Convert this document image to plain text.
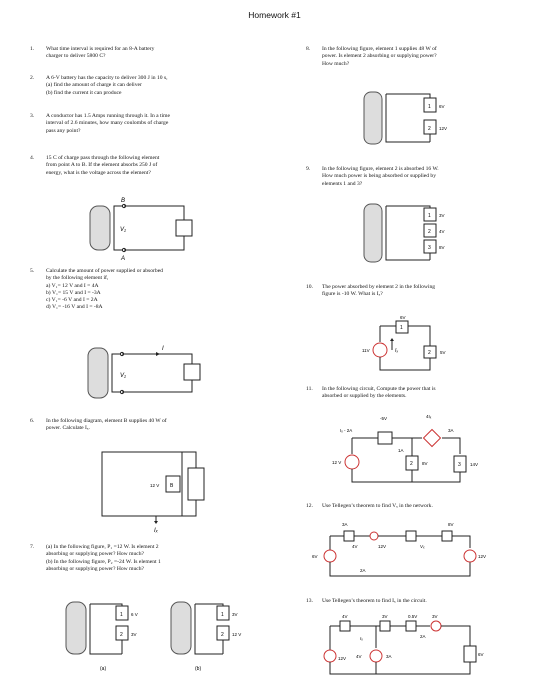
Homework #1
1.	What time interval is required for an 8-A battery
charger to deliver 5800 C?
2.	A 6-V battery has the capacity to deliver 300 J in 10 s,
(a) find the amount of charge it can deliver
(b) find the current it can produce
3.	A conductor has 1.5 Amps running through it. In a time
interval of 2.6 minutes, how many coulombs of charge
pass any point?
4.	15 C of charge pass through the following element
from point A to B. If the element absorbs 250 J of
energy, what is the voltage across the element?
5.	Calculate the amount of power supplied or absorbed
by the following element if,
a) V₁= 12 V and I = 4A
b) V₁= 15 V and I = -3A
c) V₁= -6 V and I = 2A
d) V₁= -16 V and I = -8A
6.	In the following diagram, element B supplies 40 W of
power. Calculate Iₓ.
7.	(a) In the following figure, P₁ =12 W. Is element 2
absorbing or supplying power? How much?
(b) In the following figure, P₂ =-24 W. Is element 1
absorbing or supplying power? How much?
8.	In the following figure, element 1 supplies 48 W of
power. Is element 2 absorbing or supplying power?
How much?
9.	In the following figure, element 2 is absorbed 16 W.
How much power is being absorbed or supplied by
elements 1 and 3?
10.	The power absorbed by element 2 in the following
figure is -10 W. What is Iₓ?
11.	In the following circuit, Compute the power that is
absorbed or supplied by the elements.
12.	Use Tellegen’s theorem to find Vₓ in the network.
13.	Use Tellegen’s theorem to find Iₓ in the circuit.
B
V₁
A
I
V₁
12 V B
Iₓ
1 6 V
2 3V
(a)
1 3V
2 12 V
(b)
1 6V
2 12V
1 3V
2 4V
3 8V
6V
11V
1
Iₓ	2 5V
Iₓ - 2A
-5V	4Iₓ
3A
1A
12 V	2 8V	3 14V
3A	8V
4V	12V	Vₓ
6V	12V
2A
4V	3V	0.5V	3V
2A
12V
Iₓ
4V	3A	6V
